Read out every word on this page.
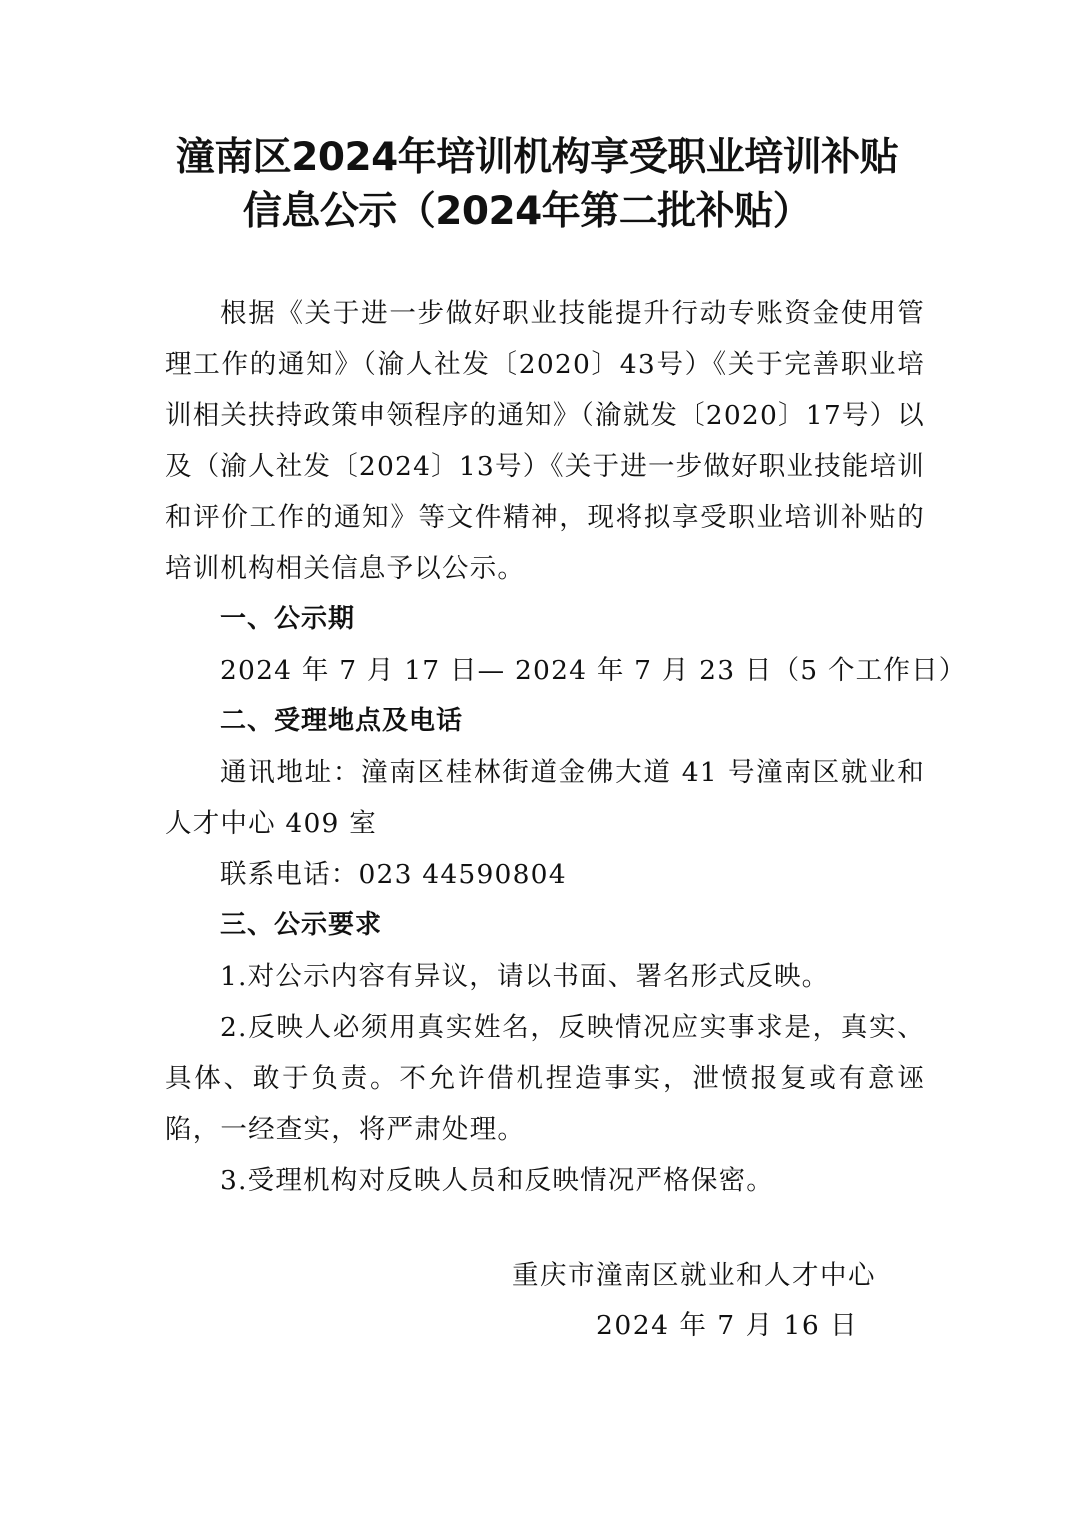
潼南区2024年培训机构享受职业培训补贴
信息公示（2024年第二批补贴）

根据《关于进一步做好职业技能提升行动专账资金使用管理工作的通知》（渝人社发〔2020〕43号）《关于完善职业培训相关扶持政策申领程序的通知》（渝就发〔2020〕17号）以及（渝人社发〔2024〕13号）《关于进一步做好职业技能培训和评价工作的通知》等文件精神，现将拟享受职业培训补贴的培训机构相关信息予以公示。

一、公示期

2024 年 7 月 17 日— 2024 年 7 月 23 日（5 个工作日）

二、受理地点及电话

通讯地址：潼南区桂林街道金佛大道 41 号潼南区就业和人才中心 409 室

联系电话：023 44590804

三、公示要求

1.对公示内容有异议，请以书面、署名形式反映。

2.反映人必须用真实姓名，反映情况应实事求是，真实、具体、敢于负责。不允许借机捏造事实，泄愤报复或有意诬陷，一经查实，将严肃处理。

3.受理机构对反映人员和反映情况严格保密。

重庆市潼南区就业和人才中心
2024 年 7 月 16 日
